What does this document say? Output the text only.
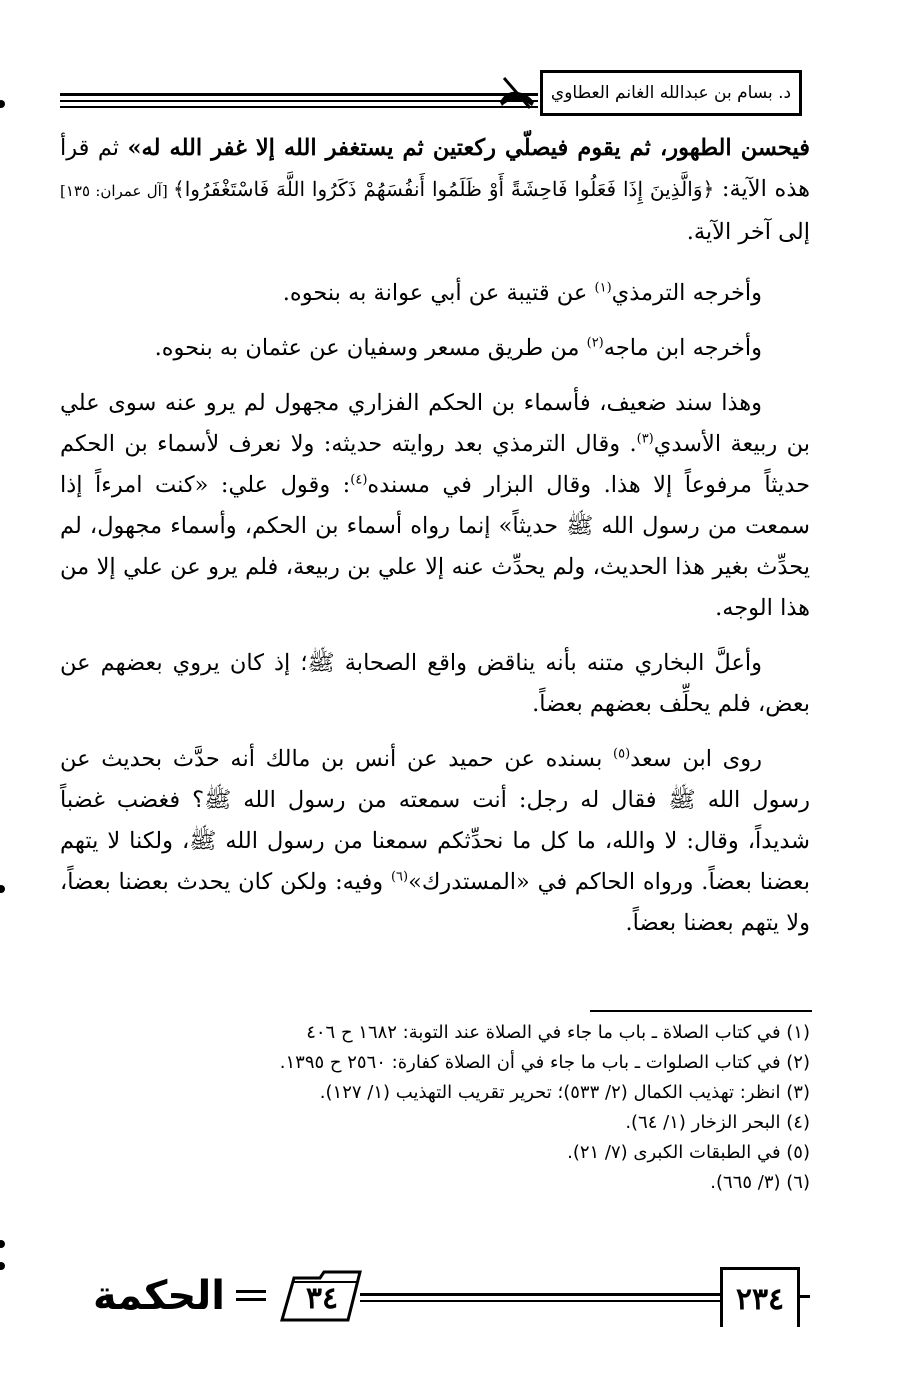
د. بسام بن عبدالله الغانم العطاوي

فيحسن الطهور، ثم يقوم فيصلّي ركعتين ثم يستغفر الله إلا غفر الله له» ثم قرأ هذه الآية: ﴿وَالَّذِينَ إِذَا فَعَلُوا فَاحِشَةً أَوْ ظَلَمُوا أَنفُسَهُمْ ذَكَرُوا اللَّهَ فَاسْتَغْفَرُوا﴾ [آل عمران: ١٣٥] إلى آخر الآية.

وأخرجه الترمذي$^{(١)}$ عن قتيبة عن أبي عوانة به بنحوه.

وأخرجه ابن ماجه$^{(٢)}$ من طريق مسعر وسفيان عن عثمان به بنحوه.

وهذا سند ضعيف، فأسماء بن الحكم الفزاري مجهول لم يرو عنه سوى علي بن ربيعة الأسدي$^{(٣)}$. وقال الترمذي بعد روايته حديثه: ولا نعرف لأسماء بن الحكم حديثاً مرفوعاً إلا هذا. وقال البزار في مسنده$^{(٤)}$: وقول علي: «كنت امرءاً إذا سمعت من رسول الله ﷺ حديثاً» إنما رواه أسماء بن الحكم، وأسماء مجهول، لم يحدِّث بغير هذا الحديث، ولم يحدِّث عنه إلا علي بن ربيعة، فلم يرو عن علي إلا من هذا الوجه.

وأعلَّ البخاري متنه بأنه يناقض واقع الصحابة ﷺ؛ إذ كان يروي بعضهم عن بعض، فلم يحلِّف بعضهم بعضاً.

روى ابن سعد$^{(٥)}$ بسنده عن حميد عن أنس بن مالك أنه حدَّث بحديث عن رسول الله ﷺ فقال له رجل: أنت سمعته من رسول الله ﷺ؟ فغضب غضباً شديداً، وقال: لا والله، ما كل ما نحدِّثكم سمعنا من رسول الله ﷺ، ولكنا لا يتهم بعضنا بعضاً. ورواه الحاكم في «المستدرك»$^{(٦)}$ وفيه: ولكن كان يحدث بعضنا بعضاً، ولا يتهم بعضنا بعضاً.

(١) في كتاب الصلاة ـ باب ما جاء في الصلاة عند التوبة: ١٦٨٢ ح ٤٠٦
(٢) في كتاب الصلوات ـ باب ما جاء في أن الصلاة كفارة: ٢٥٦٠ ح ١٣٩٥.
(٣) انظر: تهذيب الكمال (٢/ ٥٣٣)؛ تحرير تقريب التهذيب (١/ ١٢٧).
(٤) البحر الزخار (١/ ٦٤).
(٥) في الطبقات الكبرى (٧/ ٢١).
(٦) (٣/ ٦٦٥).
٢٣٤
٣٤
الحكمة
